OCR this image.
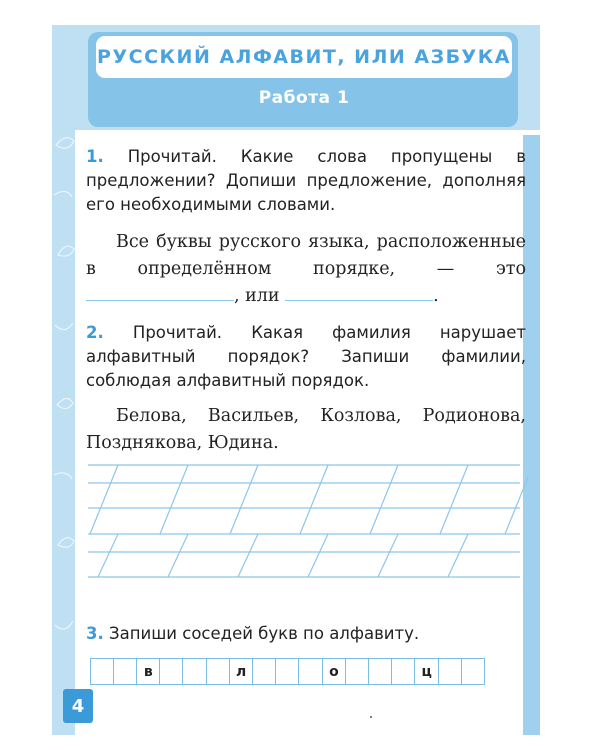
РУССКИЙ АЛФАВИТ, ИЛИ АЗБУКА
Работа 1
1. Прочитай. Какие слова пропущены в предложении? Допиши предложение, дополняя его необходимыми словами.
Все буквы русского языка, расположенные в определённом порядке, — это , или	.
2. Прочитай. Какая фамилия нарушает алфавитный порядок? Запиши фамилии, соблюдая алфавитный порядок.
Белова, Васильев, Козлова, Родионова, Позднякова, Юдина.
3. Запиши соседей букв по алфавиту.
в	л	о	ц
4
